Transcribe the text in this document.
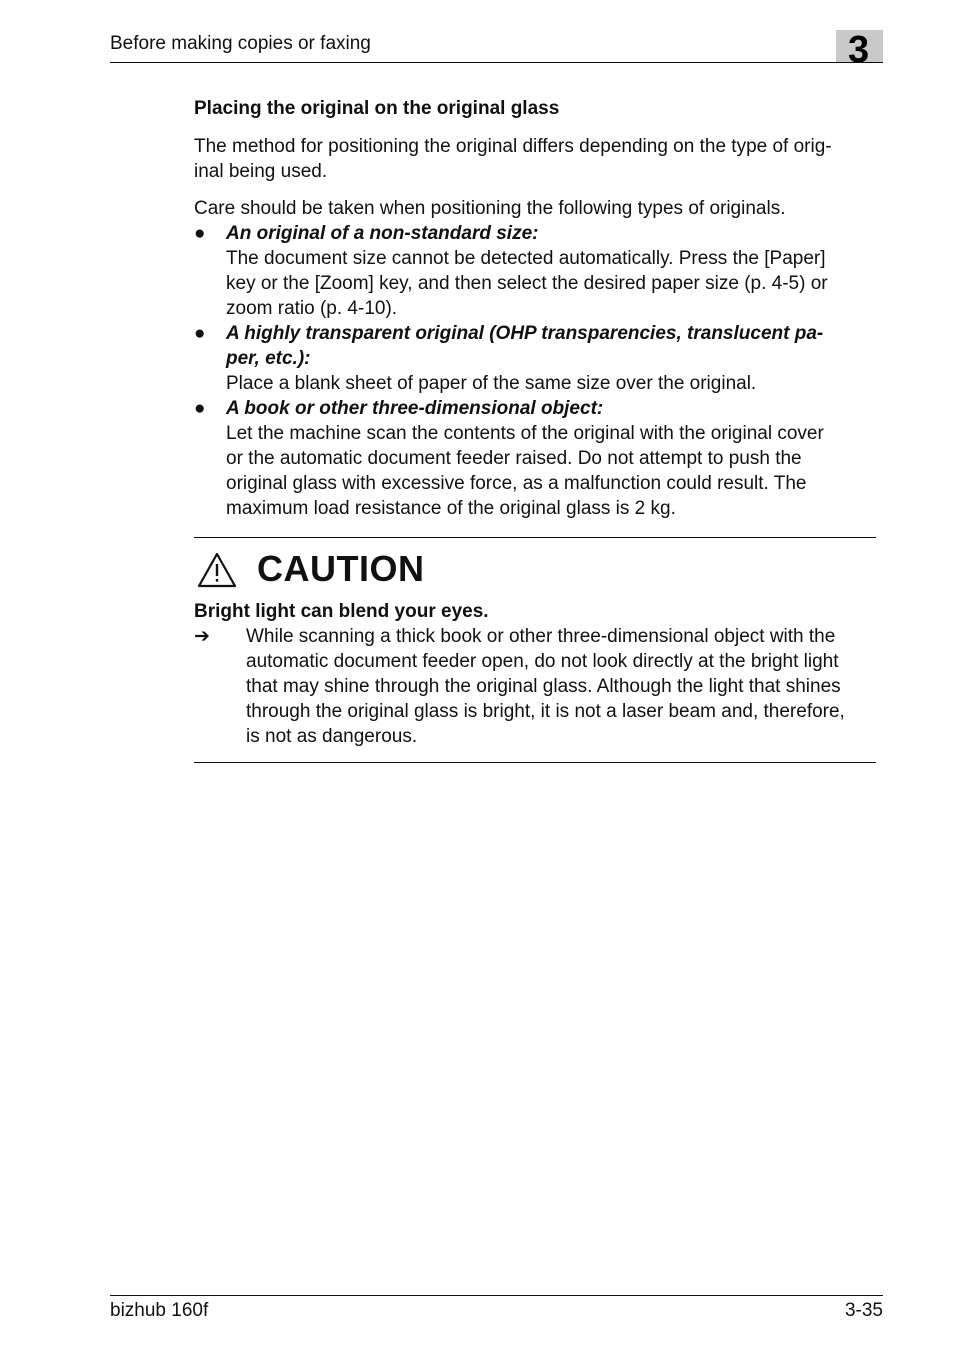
Before making copies or faxing	3
Placing the original on the original glass
The method for positioning the original differs depending on the type of orig-
inal being used.
Care should be taken when positioning the following types of originals.
●	An original of a non-standard size:
The document size cannot be detected automatically. Press the [Paper]
key or the [Zoom] key, and then select the desired paper size (p. 4-5) or
zoom ratio (p. 4-10).
●	A highly transparent original (OHP transparencies, translucent pa-
per, etc.):
Place a blank sheet of paper of the same size over the original.
●	A book or other three-dimensional object:
Let the machine scan the contents of the original with the original cover
or the automatic document feeder raised. Do not attempt to push the
original glass with excessive force, as a malfunction could result. The
maximum load resistance of the original glass is 2 kg.
CAUTION
Bright light can blend your eyes.
➔ While scanning a thick book or other three-dimensional object with the
automatic document feeder open, do not look directly at the bright light
that may shine through the original glass. Although the light that shines
through the original glass is bright, it is not a laser beam and, therefore,
is not as dangerous.
bizhub 160f	3-35
